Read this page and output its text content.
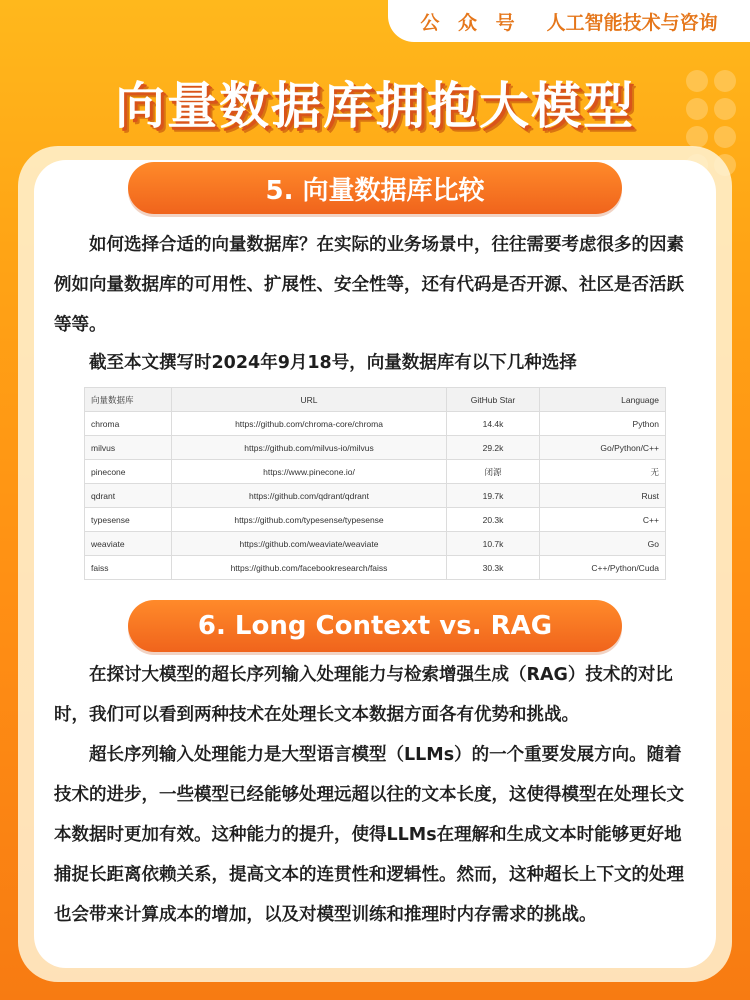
公 众 号 人工智能技术与咨询
向量数据库拥抱大模型
5. 向量数据库比较

如何选择合适的向量数据库？在实际的业务场景中，往往需要考虑很多的因素例如向量数据库的可用性、扩展性、安全性等，还有代码是否开源、社区是否活跃等等。

截至本文撰写时2024年9月18号，向量数据库有以下几种选择

向量数据库	URL	GitHub Star	Language
chroma	https://github.com/chroma-core/chroma	14.4k	Python
milvus	https://github.com/milvus-io/milvus	29.2k	Go/Python/C++
pinecone	https://www.pinecone.io/	闭源	无
qdrant	https://github.com/qdrant/qdrant	19.7k	Rust
typesense	https://github.com/typesense/typesense	20.3k	C++
weaviate	https://github.com/weaviate/weaviate	10.7k	Go
faiss	https://github.com/facebookresearch/faiss	30.3k	C++/Python/Cuda
6. Long Context vs. RAG

在探讨大模型的超长序列输入处理能力与检索增强生成（RAG）技术的对比时，我们可以看到两种技术在处理长文本数据方面各有优势和挑战。

超长序列输入处理能力是大型语言模型（LLMs）的一个重要发展方向。随着技术的进步，一些模型已经能够处理远超以往的文本长度，这使得模型在处理长文本数据时更加有效。这种能力的提升，使得LLMs在理解和生成文本时能够更好地捕捉长距离依赖关系，提高文本的连贯性和逻辑性。然而，这种超长上下文的处理也会带来计算成本的增加，以及对模型训练和推理时内存需求的挑战。
